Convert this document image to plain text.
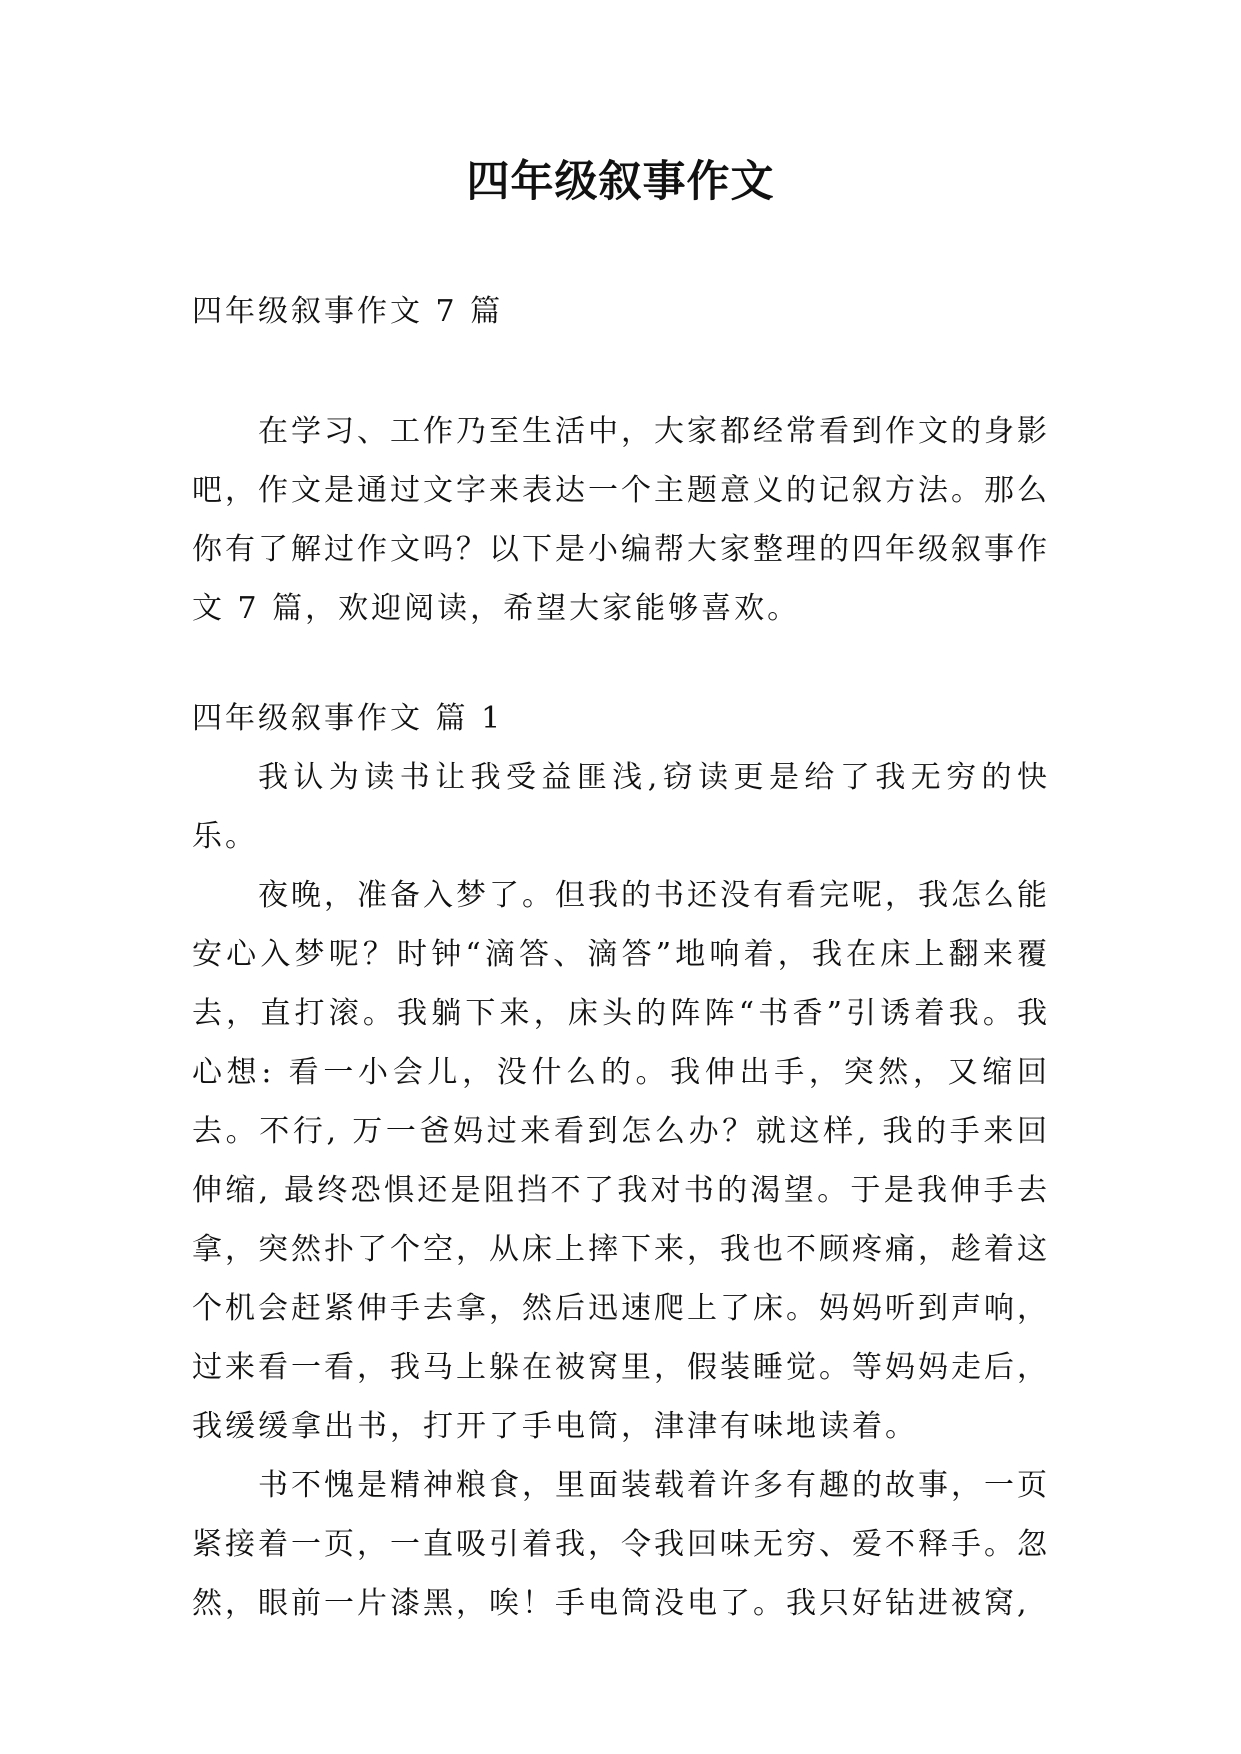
四年级叙事作文
四年级叙事作文 7 篇

在学习、工作乃至生活中，大家都经常看到作文的身影吧，作文是通过文字来表达一个主题意义的记叙方法。那么你有了解过作文吗？以下是小编帮大家整理的四年级叙事作文 7 篇，欢迎阅读，希望大家能够喜欢。

四年级叙事作文 篇 1

我认为读书让我受益匪浅,窃读更是给了我无穷的快乐。

夜晚，准备入梦了。但我的书还没有看完呢，我怎么能安心入梦呢？时钟“滴答、滴答”地响着，我在床上翻来覆去，直打滚。我躺下来，床头的阵阵“书香”引诱着我。我心想: 看一小会儿，没什么的。我伸出手，突然，又缩回去。不行, 万一爸妈过来看到怎么办？就这样, 我的手来回伸缩, 最终恐惧还是阻挡不了我对书的渴望。于是我伸手去拿，突然扑了个空，从床上摔下来，我也不顾疼痛，趁着这个机会赶紧伸手去拿，然后迅速爬上了床。妈妈听到声响，过来看一看，我马上躲在被窝里，假装睡觉。等妈妈走后，我缓缓拿出书，打开了手电筒，津津有味地读着。

书不愧是精神粮食，里面装载着许多有趣的故事，一页紧接着一页，一直吸引着我，令我回味无穷、爱不释手。忽然，眼前一片漆黑，唉！手电筒没电了。我只好钻进被窝,
